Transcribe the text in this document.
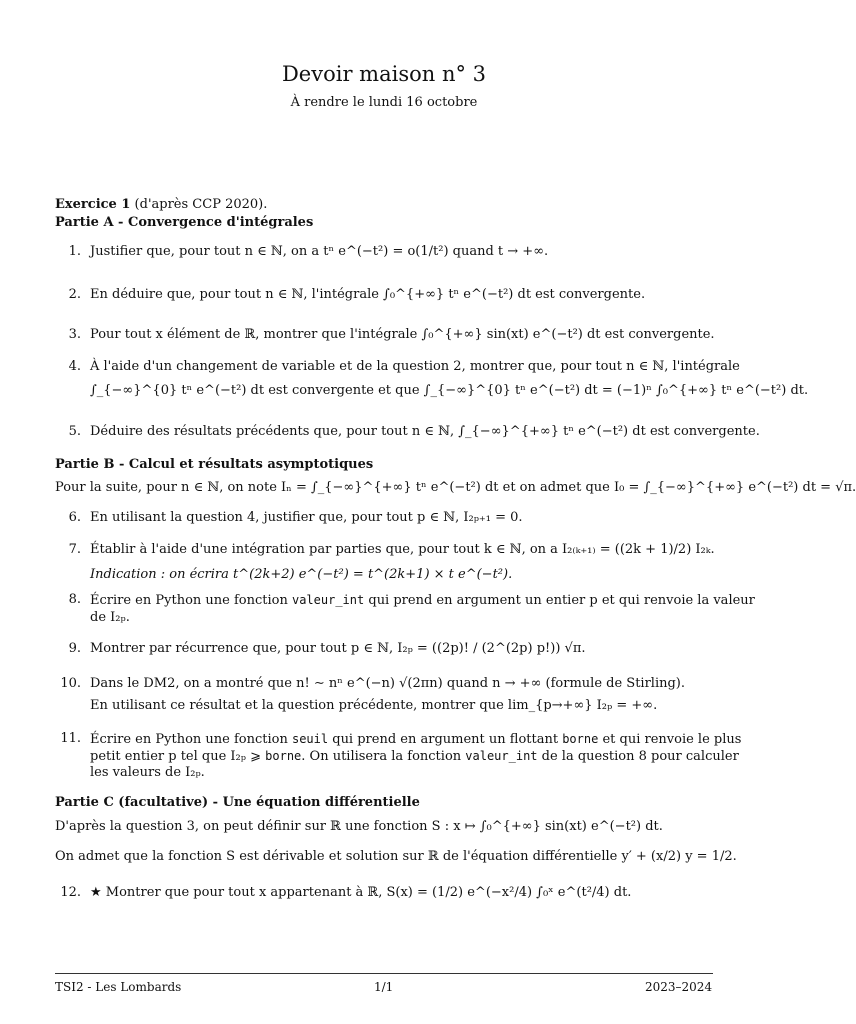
Devoir maison n° 3
À rendre le lundi 16 octobre
Exercice 1 (d'après CCP 2020).
Partie A - Convergence d'intégrales
1. Justifier que, pour tout n ∈ ℕ, on a tⁿ e^(−t²) = o(1/t²) quand t → +∞.
2. En déduire que, pour tout n ∈ ℕ, l'intégrale ∫₀^{+∞} tⁿ e^(−t²) dt est convergente.
3. Pour tout x élément de ℝ, montrer que l'intégrale ∫₀^{+∞} sin(xt) e^(−t²) dt est convergente.
4. À l'aide d'un changement de variable et de la question 2, montrer que, pour tout n ∈ ℕ, l'intégrale
∫_{−∞}^{0} tⁿ e^(−t²) dt est convergente et que ∫_{−∞}^{0} tⁿ e^(−t²) dt = (−1)ⁿ ∫₀^{+∞} tⁿ e^(−t²) dt.
5. Déduire des résultats précédents que, pour tout n ∈ ℕ, ∫_{−∞}^{+∞} tⁿ e^(−t²) dt est convergente.
Partie B - Calcul et résultats asymptotiques
Pour la suite, pour n ∈ ℕ, on note Iₙ = ∫_{−∞}^{+∞} tⁿ e^(−t²) dt et on admet que I₀ = ∫_{−∞}^{+∞} e^(−t²) dt = √π.
6. En utilisant la question 4, justifier que, pour tout p ∈ ℕ, I₂ₚ₊₁ = 0.
7. Établir à l'aide d'une intégration par parties que, pour tout k ∈ ℕ, on a I₂₍ₖ₊₁₎ = ((2k + 1)/2) I₂ₖ.
Indication : on écrira t^(2k+2) e^(−t²) = t^(2k+1) × t e^(−t²).
8. Écrire en Python une fonction valeur_int qui prend en argument un entier p et qui renvoie la valeur
de I₂ₚ.
9. Montrer par récurrence que, pour tout p ∈ ℕ, I₂ₚ = ((2p)! / (2^(2p) p!)) √π.
10. Dans le DM2, on a montré que n! ∼ nⁿ e^(−n) √(2πn) quand n → +∞ (formule de Stirling).
En utilisant ce résultat et la question précédente, montrer que lim_{p→+∞} I₂ₚ = +∞.
11. Écrire en Python une fonction seuil qui prend en argument un flottant borne et qui renvoie le plus
petit entier p tel que I₂ₚ ⩾ borne. On utilisera la fonction valeur_int de la question 8 pour calculer
les valeurs de I₂ₚ.
Partie C (facultative) - Une équation différentielle
D'après la question 3, on peut définir sur ℝ une fonction S : x ↦ ∫₀^{+∞} sin(xt) e^(−t²) dt.
On admet que la fonction S est dérivable et solution sur ℝ de l'équation différentielle y′ + (x/2) y = 1/2.
12. ★ Montrer que pour tout x appartenant à ℝ, S(x) = (1/2) e^(−x²/4) ∫₀ˣ e^(t²/4) dt.
TSI2 - Les Lombards	1/1	2023–2024
